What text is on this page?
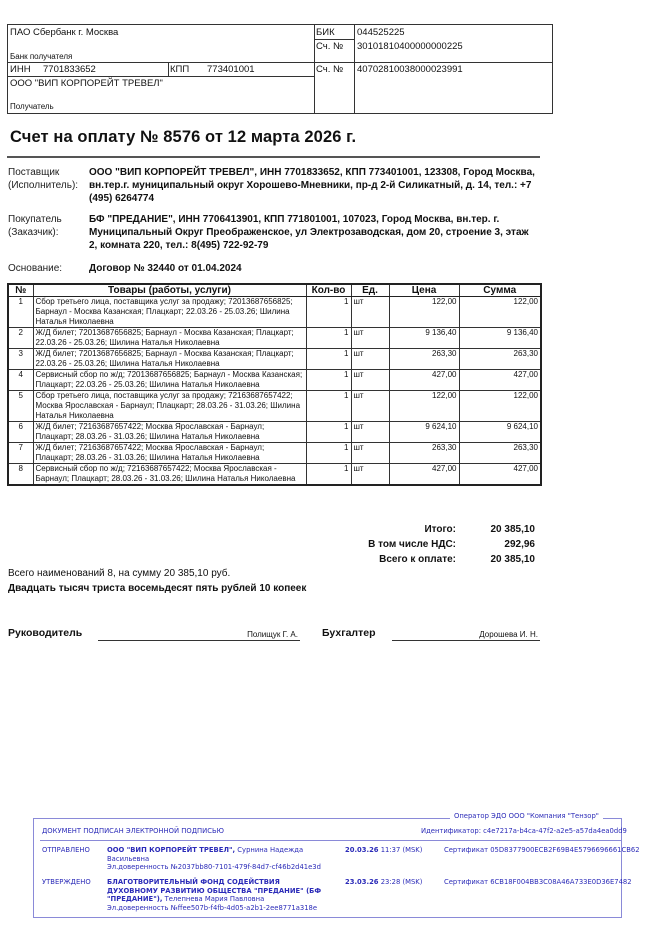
ПАО Сбербанк г. Москва
Банк получателя
БИК 044525225
Сч. № 30101810400000000225
ИНН 7701833652	КПП 773401001	Сч. № 40702810038000023991
ООО "ВИП КОРПОРЕЙТ ТРЕВЕЛ"
Получатель
Счет на оплату № 8576 от 12 марта 2026 г.
Поставщик
(Исполнитель):
ООО "ВИП КОРПОРЕЙТ ТРЕВЕЛ", ИНН 7701833652, КПП 773401001, 123308, Город Москва, вн.тер.г. муниципальный округ Хорошево-Мневники, пр-д 2-й Силикатный, д. 14, тел.: +7 (495) 6264774
Покупатель
(Заказчик):
БФ "ПРЕДАНИЕ", ИНН 7706413901, КПП 771801001, 107023, Город Москва, вн.тер. г. Муниципальный Округ Преображенское, ул Электрозаводская, дом 20, строение 3, этаж 2, комната 220, тел.: 8(495) 722-92-79
Основание:	Договор № 32440 от 01.04.2024
№	Товары (работы, услуги)	Кол-во	Ед.	Цена	Сумма
1	Сбор третьего лица, поставщика услуг за продажу; 72013687656825; Барнаул - Москва Казанская; Плацкарт; 22.03.26 - 25.03.26; Шилина Наталья Николаевна	1	шт	122,00	122,00
2	Ж/Д билет; 72013687656825; Барнаул - Москва Казанская; Плацкарт; 22.03.26 - 25.03.26; Шилина Наталья Николаевна	1	шт	9 136,40	9 136,40
3	Ж/Д билет; 72013687656825; Барнаул - Москва Казанская; Плацкарт; 22.03.26 - 25.03.26; Шилина Наталья Николаевна	1	шт	263,30	263,30
4	Сервисный сбор по ж/д; 72013687656825; Барнаул - Москва Казанская; Плацкарт; 22.03.26 - 25.03.26; Шилина Наталья Николаевна	1	шт	427,00	427,00
5	Сбор третьего лица, поставщика услуг за продажу; 72163687657422; Москва Ярославская - Барнаул; Плацкарт; 28.03.26 - 31.03.26; Шилина Наталья Николаевна	1	шт	122,00	122,00
6	Ж/Д билет; 72163687657422; Москва Ярославская - Барнаул; Плацкарт; 28.03.26 - 31.03.26; Шилина Наталья Николаевна	1	шт	9 624,10	9 624,10
7	Ж/Д билет; 72163687657422; Москва Ярославская - Барнаул; Плацкарт; 28.03.26 - 31.03.26; Шилина Наталья Николаевна	1	шт	263,30	263,30
8	Сервисный сбор по ж/д; 72163687657422; Москва Ярославская - Барнаул; Плацкарт; 28.03.26 - 31.03.26; Шилина Наталья Николаевна	1	шт	427,00	427,00
Итого:	20 385,10
В том числе НДС:	292,96
Всего к оплате:	20 385,10
Всего наименований 8, на сумму 20 385,10 руб.
Двадцать тысяч триста восемьдесят пять рублей 10 копеек
Руководитель	Полищук Г. А. Бухгалтер	Дорошева И. Н.
ДОКУМЕНТ ПОДПИСАН ЭЛЕКТРОННОЙ ПОДПИСЬЮ	Идентификатор: c4e7217a-b4ca-47f2-a2e5-a57da4ea0dd9
ОТПРАВЛЕНО	ООО "ВИП КОРПОРЕЙТ ТРЕВЕЛ", Сурнина Надежда
Васильевна
Эл.доверенность №2037bb80-7101-479f-84d7-cf46b2d41e3d
20.03.26 11:37 (MSK)	Сертификат 05D8377900ECB2F69B4E5796696661CB62
УТВЕРЖДЕНО БЛАГОТВОРИТЕЛЬНЫЙ ФОНД СОДЕЙСТВИЯ
ДУХОВНОМУ РАЗВИТИЮ ОБЩЕСТВА "ПРЕДАНИЕ" (БФ
"ПРЕДАНИЕ"), Телепнева Мария Павловна
Эл.доверенность №ffee507b-f4fb-4d05-a2b1-2ee8771a318e
23.03.26 23:28 (MSK)	Сертификат 6CB18F004BB3C08A46A733E0D36E7482
Оператор ЭДО ООО "Компания "Тензор"
